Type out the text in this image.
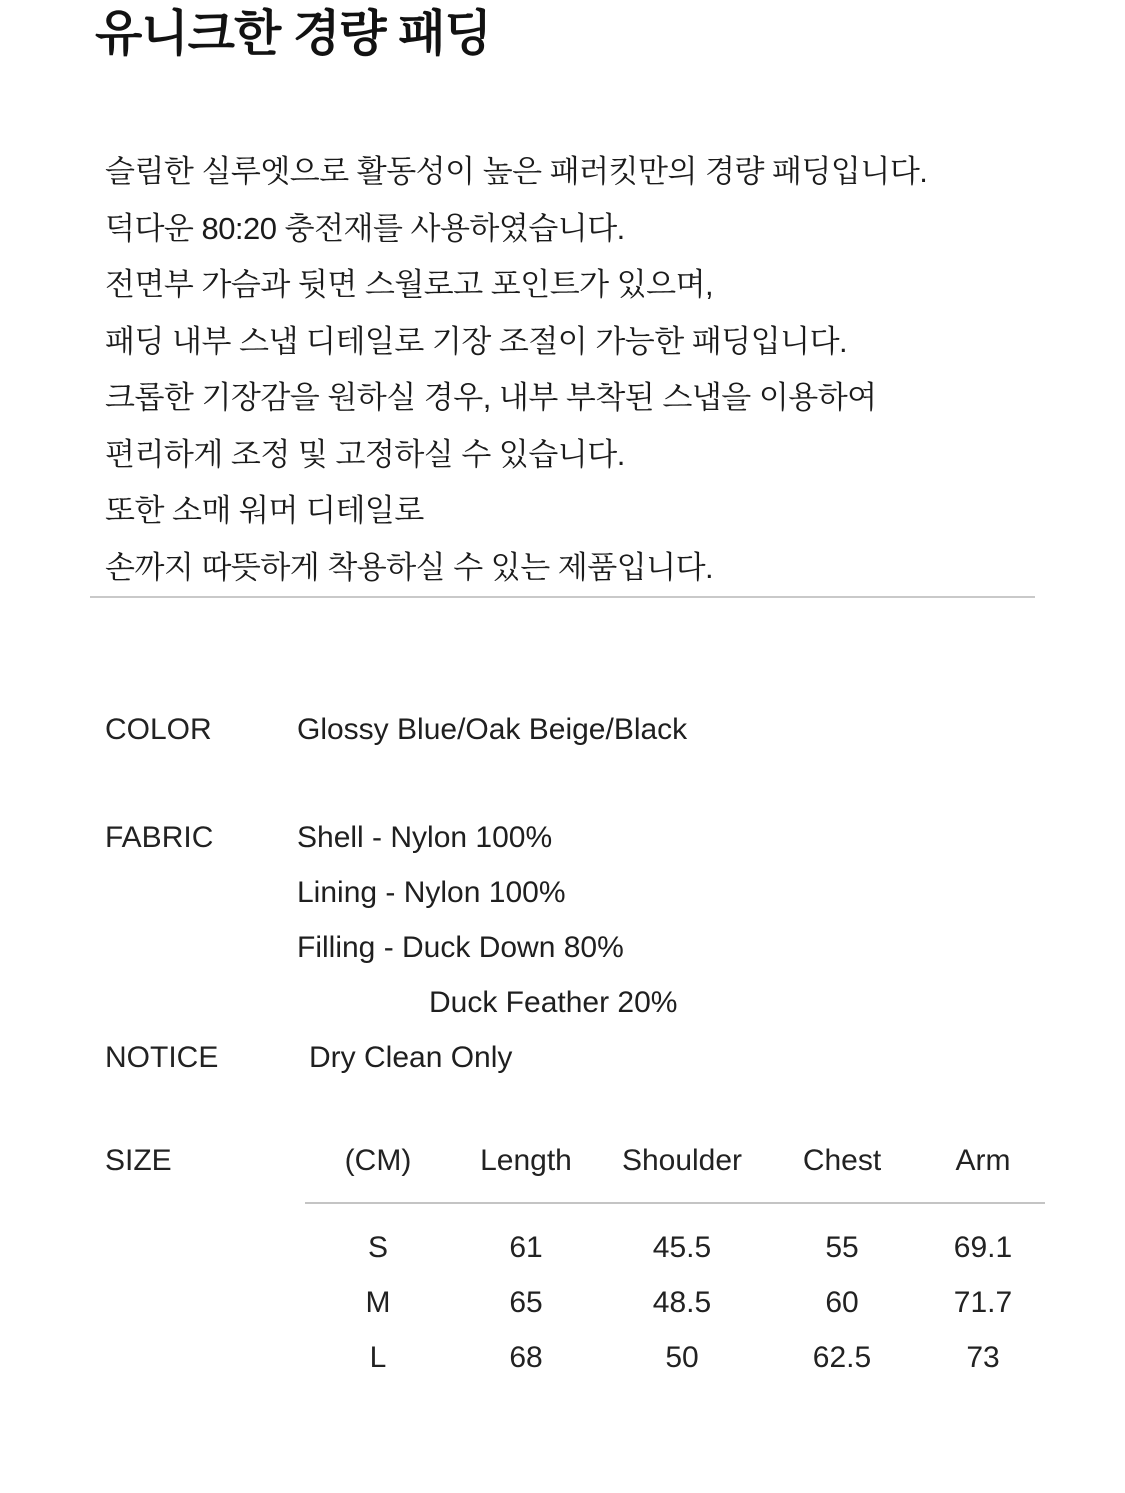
유니크한 경량 패딩
슬림한 실루엣으로 활동성이 높은 패러킷만의 경량 패딩입니다.
덕다운 80:20 충전재를 사용하였습니다.
전면부 가슴과 뒷면 스월로고 포인트가 있으며,
패딩 내부 스냅 디테일로 기장 조절이 가능한 패딩입니다.
크롭한 기장감을 원하실 경우, 내부 부착된 스냅을 이용하여
편리하게 조정 및 고정하실 수 있습니다.
또한 소매 워머 디테일로
손까지 따뜻하게 착용하실 수 있는 제품입니다.
COLOR	Glossy Blue/Oak Beige/Black
FABRIC	Shell - Nylon 100%
Lining - Nylon 100%
Filling - Duck Down 80%
Duck Feather 20%
NOTICE	Dry Clean Only
SIZE	(CM)	Length	Shoulder	Chest	Arm
S	61	45.5	55	69.1
M	65	48.5	60	71.7
L	68	50	62.5	73
